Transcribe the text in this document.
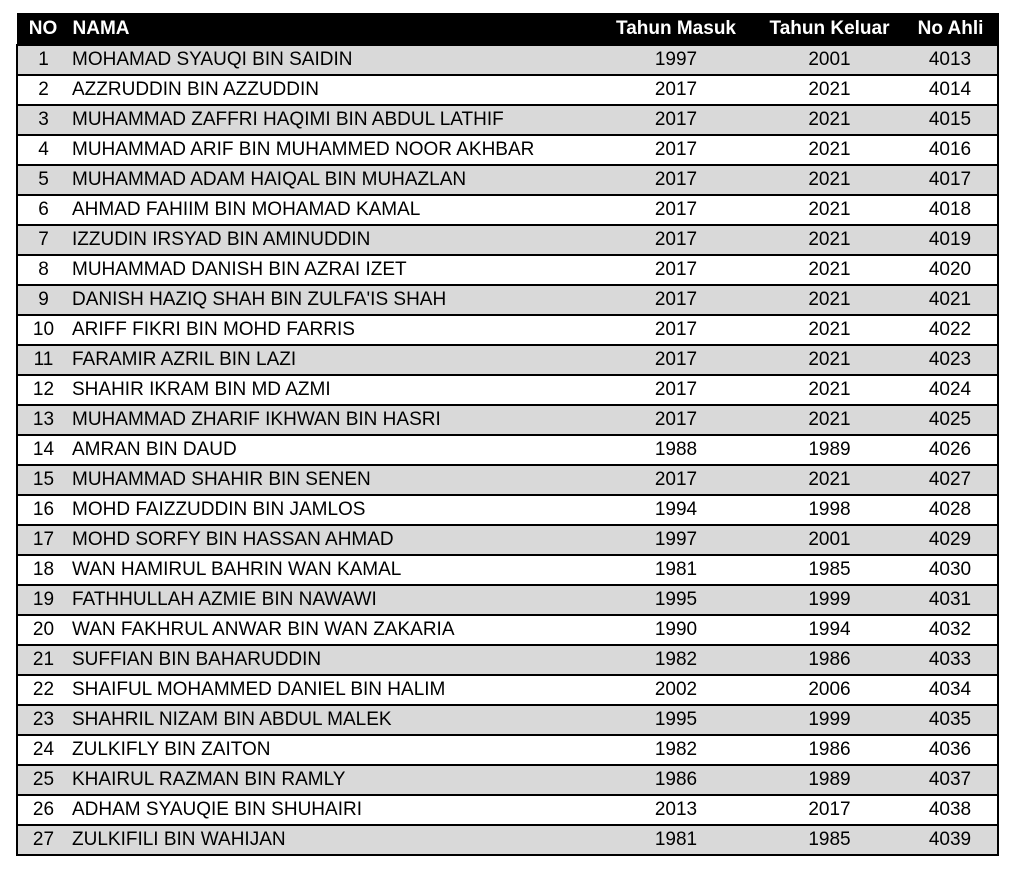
NO	NAMA	Tahun Masuk	Tahun Keluar	No Ahli
1	MOHAMAD SYAUQI BIN SAIDIN	1997	2001	4013
2	AZZRUDDIN BIN AZZUDDIN	2017	2021	4014
3	MUHAMMAD ZAFFRI HAQIMI BIN ABDUL LATHIF	2017	2021	4015
4	MUHAMMAD ARIF BIN MUHAMMED NOOR AKHBAR	2017	2021	4016
5	MUHAMMAD ADAM HAIQAL BIN MUHAZLAN	2017	2021	4017
6	AHMAD FAHIIM BIN MOHAMAD KAMAL	2017	2021	4018
7	IZZUDIN IRSYAD BIN AMINUDDIN	2017	2021	4019
8	MUHAMMAD DANISH BIN AZRAI IZET	2017	2021	4020
9	DANISH HAZIQ SHAH BIN ZULFA'IS SHAH	2017	2021	4021
10	ARIFF FIKRI BIN MOHD FARRIS	2017	2021	4022
11	FARAMIR AZRIL BIN LAZI	2017	2021	4023
12	SHAHIR IKRAM BIN MD AZMI	2017	2021	4024
13	MUHAMMAD ZHARIF IKHWAN BIN HASRI	2017	2021	4025
14	AMRAN BIN DAUD	1988	1989	4026
15	MUHAMMAD SHAHIR BIN SENEN	2017	2021	4027
16	MOHD FAIZZUDDIN BIN JAMLOS	1994	1998	4028
17	MOHD SORFY BIN HASSAN AHMAD	1997	2001	4029
18	WAN HAMIRUL BAHRIN WAN KAMAL	1981	1985	4030
19	FATHHULLAH AZMIE BIN NAWAWI	1995	1999	4031
20	WAN FAKHRUL ANWAR BIN WAN ZAKARIA	1990	1994	4032
21	SUFFIAN BIN BAHARUDDIN	1982	1986	4033
22	SHAIFUL MOHAMMED DANIEL BIN HALIM	2002	2006	4034
23	SHAHRIL NIZAM BIN ABDUL MALEK	1995	1999	4035
24	ZULKIFLY BIN ZAITON	1982	1986	4036
25	KHAIRUL RAZMAN BIN RAMLY	1986	1989	4037
26	ADHAM SYAUQIE BIN SHUHAIRI	2013	2017	4038
27	ZULKIFILI BIN WAHIJAN	1981	1985	4039
